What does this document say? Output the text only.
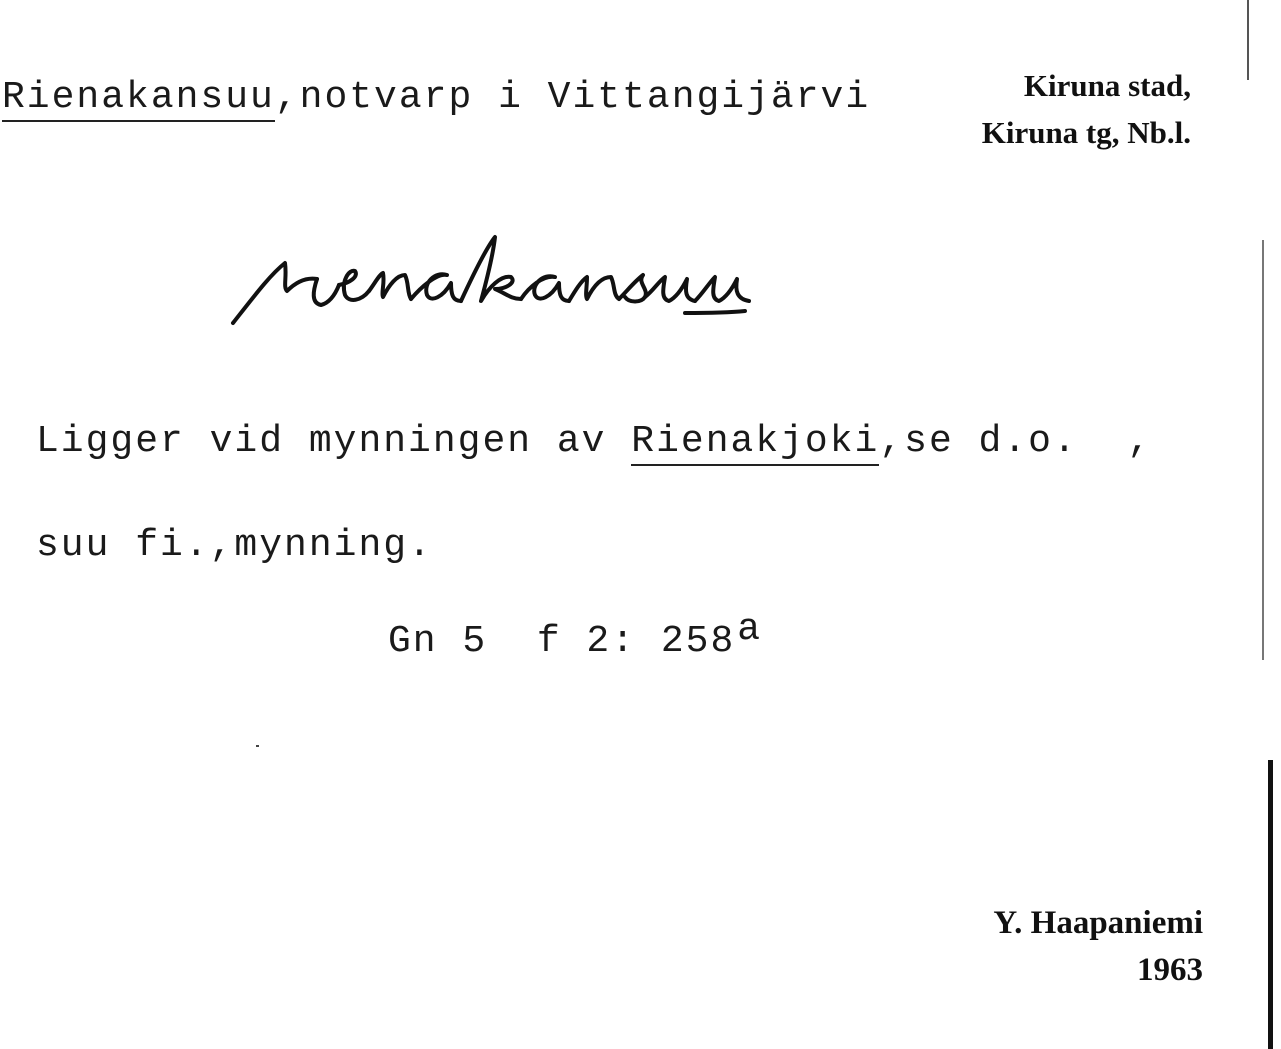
Rienakansuu,notvarp i Vittangijärvi	Kiruna stad,
Kiruna tg, Nb.l.
Ligger vid mynningen av Rienakjoki,se d.o.  ,
suu fi.,mynning.
Gn 5  f 2: 258a
Y. Haapaniemi
1963
